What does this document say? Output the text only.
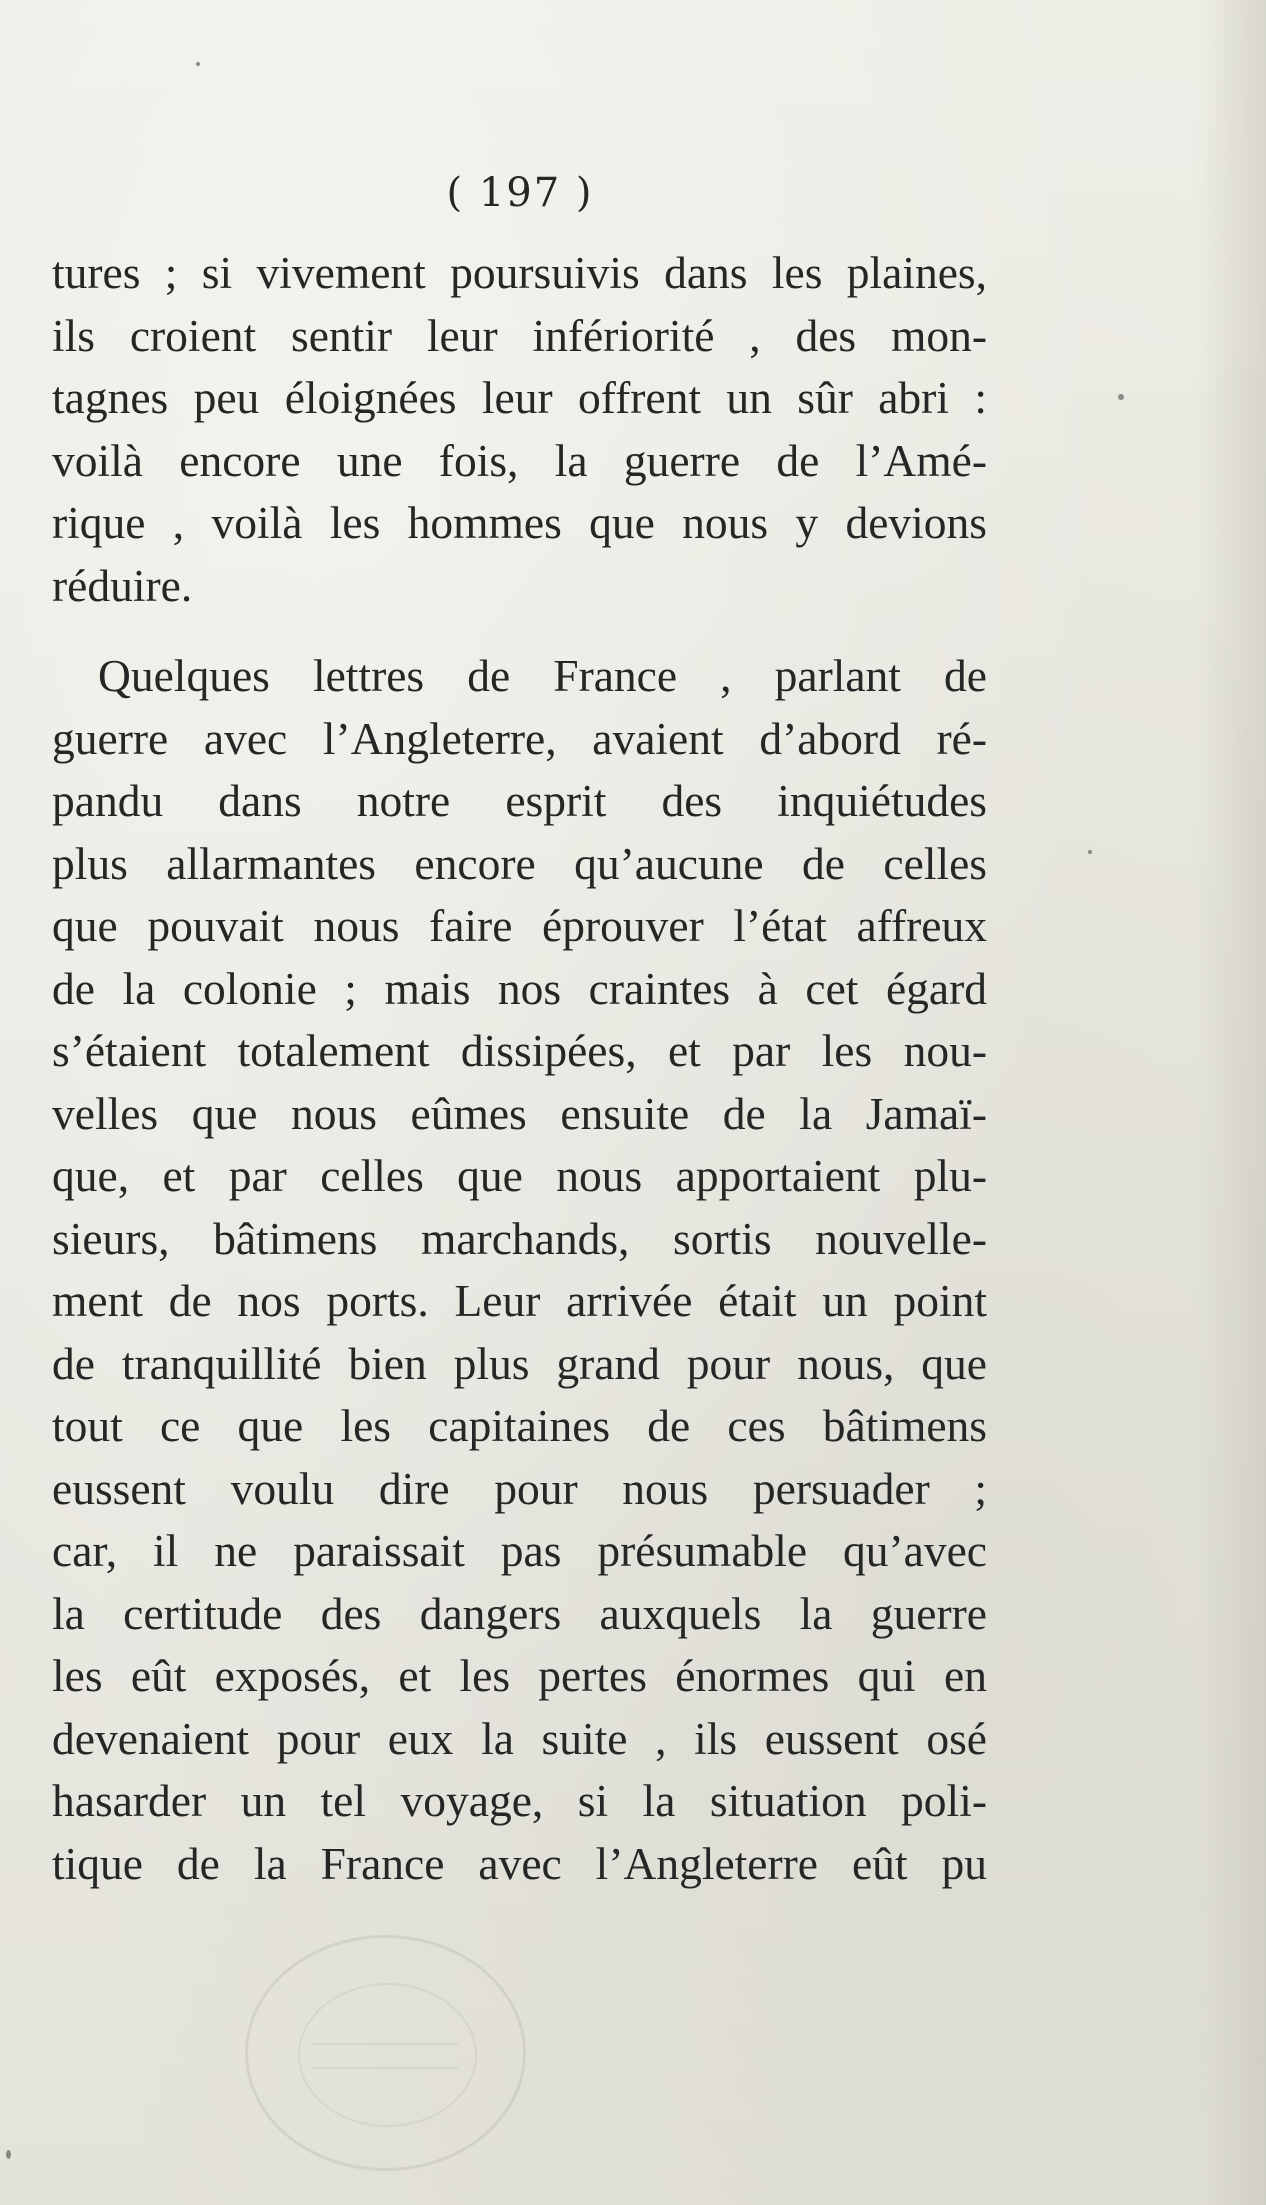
( 197 )
tures ; si vivement poursuivis dans les plaines,
ils croient sentir leur infériorité , des mon-
tagnes peu éloignées leur offrent un sûr abri :
voilà encore une fois, la guerre de l’Amé-
rique , voilà les hommes que nous y devions
réduire.
Quelques lettres de France , parlant de
guerre avec l’Angleterre, avaient d’abord ré-
pandu dans notre esprit des inquiétudes
plus allarmantes encore qu’aucune de celles
que pouvait nous faire éprouver l’état affreux
de la colonie ; mais nos craintes à cet égard
s’étaient totalement dissipées, et par les nou-
velles que nous eûmes ensuite de la Jamaï-
que, et par celles que nous apportaient plu-
sieurs, bâtimens marchands, sortis nouvelle-
ment de nos ports. Leur arrivée était un point
de tranquillité bien plus grand pour nous, que
tout ce que les capitaines de ces bâtimens
eussent voulu dire pour nous persuader ;
car, il ne paraissait pas présumable qu’avec
la certitude des dangers auxquels la guerre
les eût exposés, et les pertes énormes qui en
devenaient pour eux la suite , ils eussent osé
hasarder un tel voyage, si la situation poli-
tique de la France avec l’Angleterre eût pu
